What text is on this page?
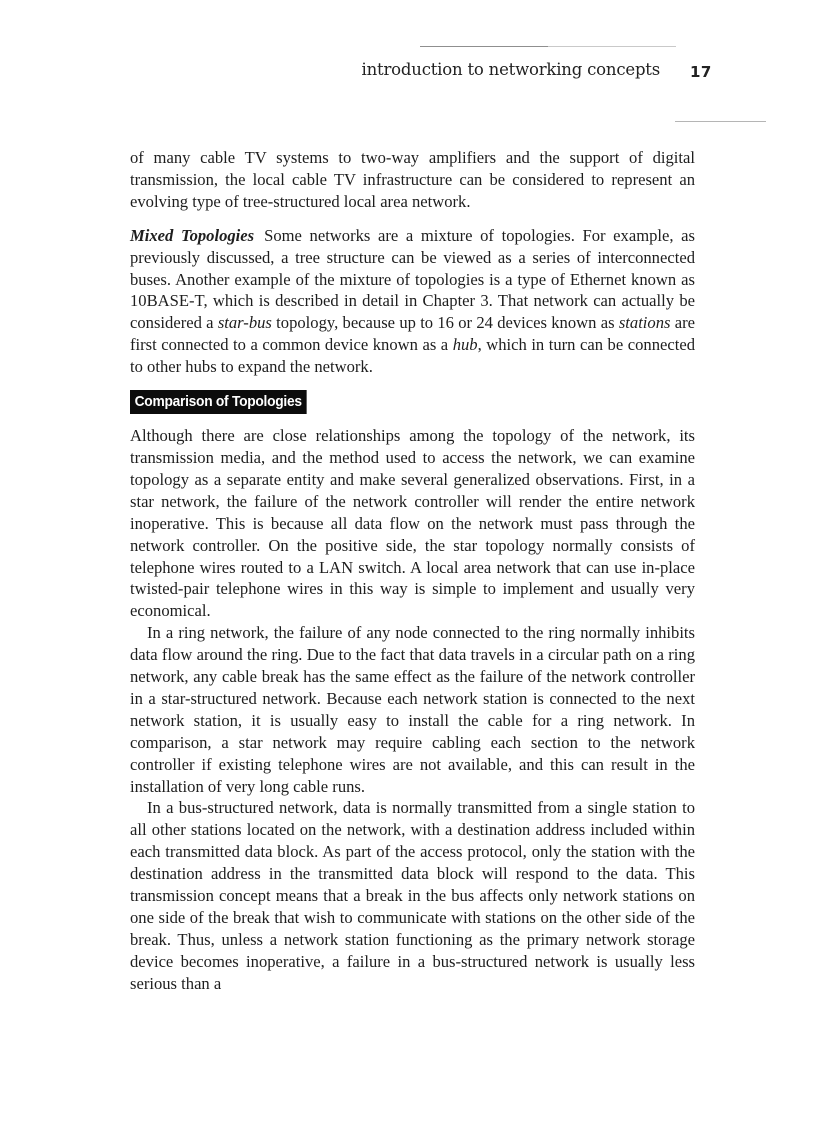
introduction to networking concepts 17

of many cable TV systems to two-way amplifiers and the support of digital transmission, the local cable TV infrastructure can be considered to represent an evolving type of tree-structured local area network.

Mixed Topologies Some networks are a mixture of topologies. For example, as previously discussed, a tree structure can be viewed as a series of interconnected buses. Another example of the mixture of topologies is a type of Ethernet known as 10BASE-T, which is described in detail in Chapter 3. That network can actually be considered a star-bus topology, because up to 16 or 24 devices known as stations are first connected to a common device known as a hub, which in turn can be connected to other hubs to expand the network.

Comparison of Topologies

Although there are close relationships among the topology of the network, its transmission media, and the method used to access the network, we can examine topology as a separate entity and make several generalized observations. First, in a star network, the failure of the network controller will render the entire network inoperative. This is because all data flow on the network must pass through the network controller. On the positive side, the star topology normally consists of telephone wires routed to a LAN switch. A local area network that can use in-place twisted-pair telephone wires in this way is simple to implement and usually very economical.

In a ring network, the failure of any node connected to the ring normally inhibits data flow around the ring. Due to the fact that data travels in a circular path on a ring network, any cable break has the same effect as the failure of the network controller in a star-structured network. Because each network station is connected to the next network station, it is usually easy to install the cable for a ring network. In comparison, a star network may require cabling each section to the network controller if existing telephone wires are not available, and this can result in the installation of very long cable runs.

In a bus-structured network, data is normally transmitted from a single station to all other stations located on the network, with a destination address included within each transmitted data block. As part of the access protocol, only the station with the destination address in the transmitted data block will respond to the data. This transmission concept means that a break in the bus affects only network stations on one side of the break that wish to communicate with stations on the other side of the break. Thus, unless a network station functioning as the primary network storage device becomes inoperative, a failure in a bus-structured network is usually less serious than a
